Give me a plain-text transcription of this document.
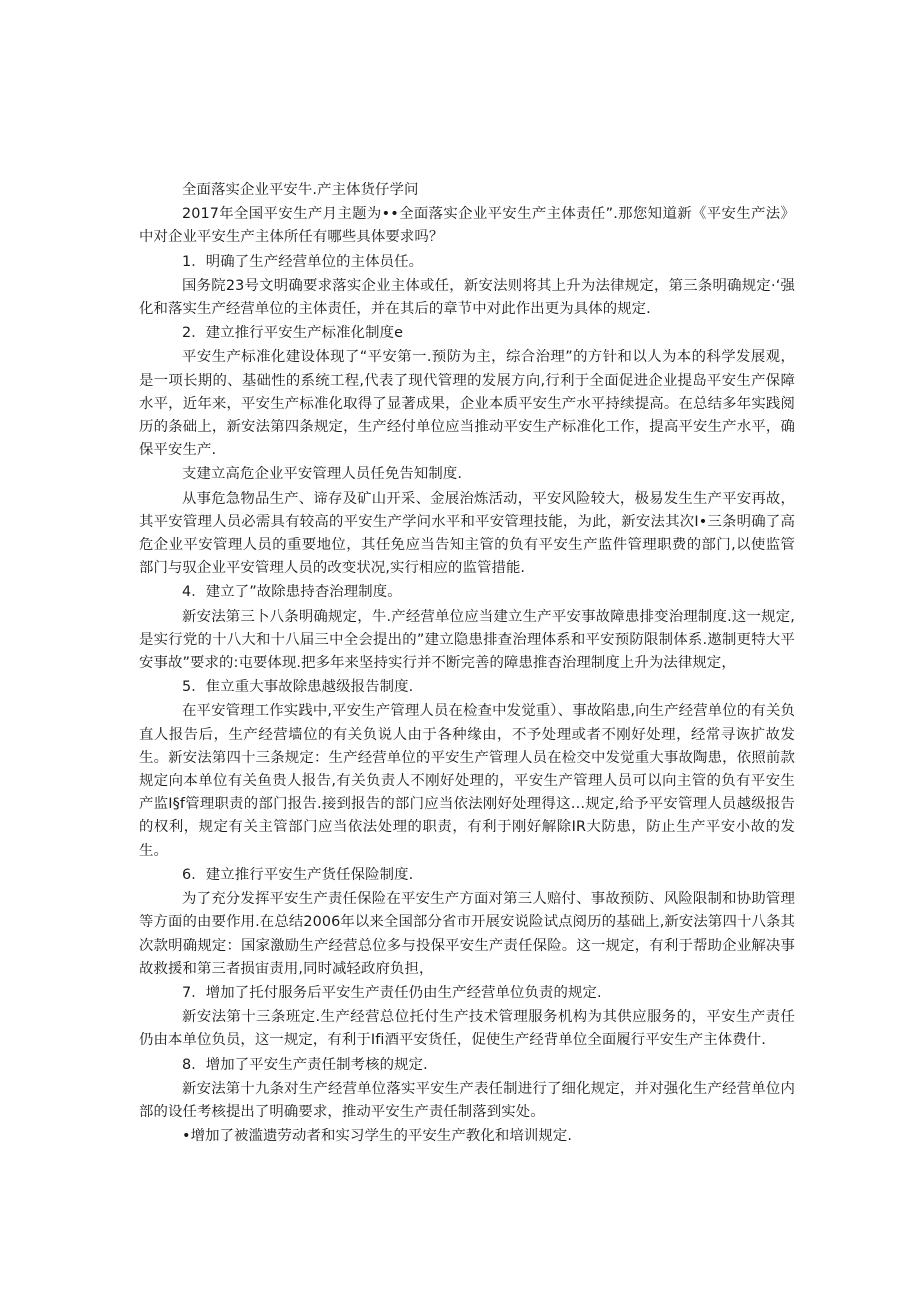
全面落实企业平安牛.产主体货仔学问

2017年全国平安生产月主题为••全面落实企业平安生产主体责任”.那您知道新《平安生产法》中对企业平安生产主体所任有哪些具体要求吗？

1．明确了生产经营单位的主体员任。

国务院23号文明确要求落实企业主体或任，新安法则将其上升为法律规定，第三条明确规定·‘强化和落实生产经营单位的主体责任，并在其后的章节中对此作出更为具体的规定.

2．建立推行平安生产标准化制度e

平安生产标准化建设体现了“平安第一.预防为主，综合治理”的方针和以人为本的科学发展观，是一项长期的、基础性的系统工程,代表了现代管理的发展方向,行利于全面促进企业提岛平安生产保障水平，近年来，平安生产标准化取得了显著成果，企业本质平安生产水平持续提高。在总结多年实践阅历的条础上，新安法第四条规定，生产经付单位应当推动平安生产标准化工作，提高平安生产水平，确保平安生产.

支建立高危企业平安管理人员任免告知制度.

从事危急物品生产、谛存及矿山开采、金展治炼活动，平安风险较大，极易发生生产平安再故，其平安管理人员必需具有较高的平安生产学问水平和平安管理技能，为此，新安法其次I•三条明确了高危企业平安管理人员的重要地位，其任免应当告知主管的负有平安生产监件管理职费的部门,以使监管部门与驭企业平安管理人员的改变状况,实行相应的监管措能.

4．建立了”故除患持杳治理制度。

新安法第三卜八条明确规定，牛.产经营单位应当建立生产平安事故障患排变治理制度.这一规定,是实行党的十八大和十八届三中全会提出的”建立隐患排查治理体系和平安预防限制体系.遨制更特大平安事故”要求的:屯要体现.把多年来坚持实行并不断完善的障患推杳治理制度上升为法律规定，

5．隹立重大事故除患越级报告制度.

在平安管理工作实践中,平安生产管理人员在检查中发觉重）、事故陷患,向生产经营单位的有关负直人报告后，生产经营墙位的有关负说人由于各种缘由，不予处理或者不刚好处理，经常寻诙扩故发生。新安法第四十三条规定：生产经营单位的平安生产管理人员在检交中发觉重大事故陶患，依照前款规定向本单位有关鱼贵人报告,有关负责人不刚好处理的，平安生产管理人员可以向主管的负有平安生产监I§f管理职责的部门报告.接到报告的部门应当依法刚好处理得这…规定,给予平安管理人员越级报告的权利，规定有关主管部门应当依法处理的职责，有利于刚好解除IR大防患，防止生产平安小故的发生。

6．建立推行平安生产货任保险制度.

为了充分发挥平安生产责任保险在平安生产方面对第三人赔付、事故预防、风险限制和协助管理等方面的由要作用.在总结2006年以来全国部分省市开展安说险试点阅历的基础上,新安法第四十八条其次款明确规定：国家激励生产经营总位多与投保平安生产责任保险。这一规定，有利于帮助企业解决事故救援和第三者损宙责用,同时减轻政府负担，

7．增加了托付服务后平安生产责任仍由生产经营单位负责的规定.

新安法第十三条班定.生产经营总位托付生产技术管理服务机构为其供应服务的，平安生产责任仍由本单位负员，这一规定，有利于Ifi酒平安货任，促使生产经背单位全面履行平安生产主体费什.

8．增加了平安生产责任制考核的规定.

新安法第十九条对生产经营单位落实平安生产表任制进行了细化规定，并对强化生产经营单位内部的设任考核提出了明确要求，推动平安生产责任制落到实处。

•增加了被滥遗劳动者和实习学生的平安生产教化和培训规定.
